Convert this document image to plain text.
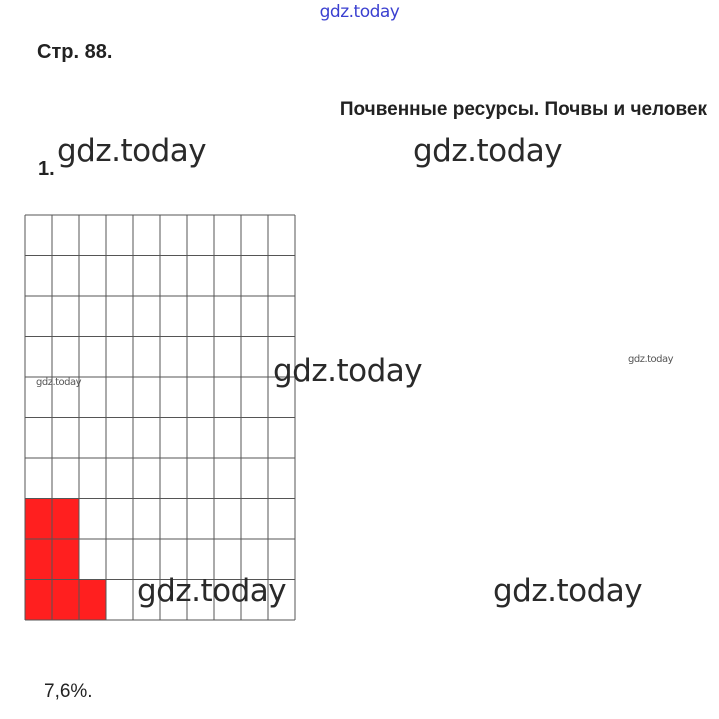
gdz.today
Стр. 88.
Почвенные ресурсы. Почвы и человек
1. gdz.today	gdz.today
gdz.today
gdz.today
gdz.today
gdz.today	gdz.today
7,6%.
